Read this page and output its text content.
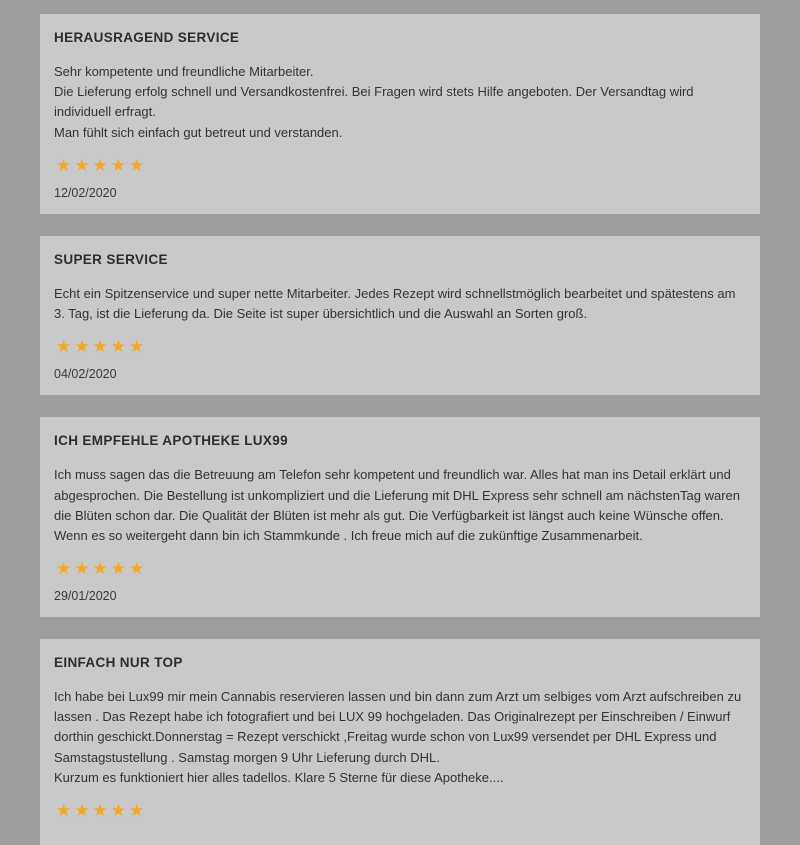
HERAUSRAGEND SERVICE

Sehr kompetente und freundliche Mitarbeiter.

Die Lieferung erfolg schnell und Versandkostenfrei. Bei Fragen wird stets Hilfe angeboten. Der Versandtag wird individuell erfragt.

Man fühlt sich einfach gut betreut und verstanden.

★★★★★
12/02/2020
SUPER SERVICE

Echt ein Spitzenservice und super nette Mitarbeiter. Jedes Rezept wird schnellstmöglich bearbeitet und spätestens am 3. Tag, ist die Lieferung da. Die Seite ist super übersichtlich und die Auswahl an Sorten groß.

★★★★★
04/02/2020
ICH EMPFEHLE APOTHEKE LUX99

Ich muss sagen das die Betreuung am Telefon sehr kompetent und freundlich war. Alles hat man ins Detail erklärt und abgesprochen. Die Bestellung ist unkompliziert und die Lieferung mit DHL Express sehr schnell am nächstenTag waren die Blüten schon dar. Die Qualität der Blüten ist mehr als gut. Die Verfügbarkeit ist längst auch keine Wünsche offen. Wenn es so weitergeht dann bin ich Stammkunde . Ich freue mich auf die zukünftige Zusammenarbeit.

★★★★★
29/01/2020
EINFACH NUR TOP

Ich habe bei Lux99 mir mein Cannabis reservieren lassen und bin dann zum Arzt um selbiges vom Arzt aufschreiben zu lassen . Das Rezept habe ich fotografiert und bei LUX 99 hochgeladen. Das Originalrezept per Einschreiben / Einwurf dorthin geschickt.Donnerstag = Rezept verschickt ,Freitag wurde schon von Lux99 versendet per DHL Express und Samstagstustellung . Samstag morgen 9 Uhr Lieferung durch DHL.

Kurzum es funktioniert hier alles tadellos. Klare 5 Sterne für diese Apotheke....

★★★★★
